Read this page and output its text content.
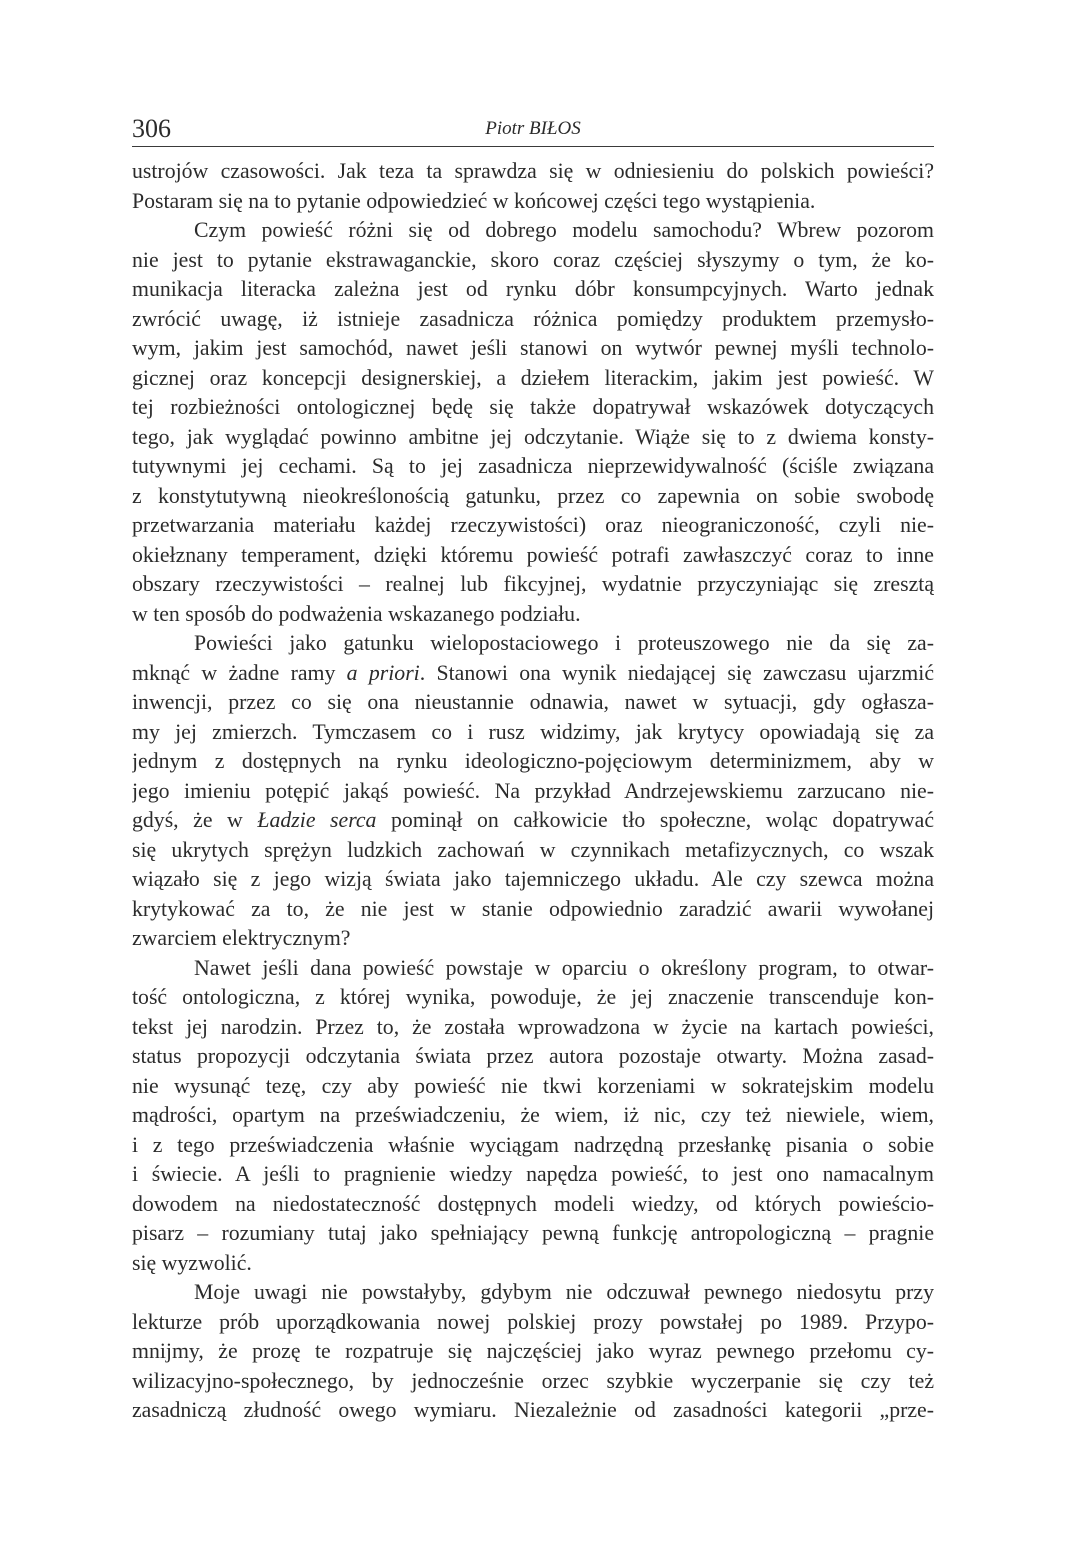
306	Piotr BIŁOS
ustrojów czasowości. Jak teza ta sprawdza się w odniesieniu do polskich powieści?
Postaram się na to pytanie odpowiedzieć w końcowej części tego wystąpienia.
Czym powieść różni się od dobrego modelu samochodu? Wbrew pozorom
nie jest to pytanie ekstrawaganckie, skoro coraz częściej słyszymy o tym, że ko-
munikacja literacka zależna jest od rynku dóbr konsumpcyjnych. Warto jednak
zwrócić uwagę, iż istnieje zasadnicza różnica pomiędzy produktem przemysło-
wym, jakim jest samochód, nawet jeśli stanowi on wytwór pewnej myśli technolo-
gicznej oraz koncepcji designerskiej, a dziełem literackim, jakim jest powieść. W
tej rozbieżności ontologicznej będę się także dopatrywał wskazówek dotyczących
tego, jak wyglądać powinno ambitne jej odczytanie. Wiąże się to z dwiema konsty-
tutywnymi jej cechami. Są to jej zasadnicza nieprzewidywalność (ściśle związana
z konstytutywną nieokreślonością gatunku, przez co zapewnia on sobie swobodę
przetwarzania materiału każdej rzeczywistości) oraz nieograniczoność, czyli nie-
okiełznany temperament, dzięki któremu powieść potrafi zawłaszczyć coraz to inne
obszary rzeczywistości – realnej lub fikcyjnej, wydatnie przyczyniając się zresztą
w ten sposób do podważenia wskazanego podziału.
Powieści jako gatunku wielopostaciowego i proteuszowego nie da się za-
mknąć w żadne ramy a priori. Stanowi ona wynik niedającej się zawczasu ujarzmić
inwencji, przez co się ona nieustannie odnawia, nawet w sytuacji, gdy ogłasza-
my jej zmierzch. Tymczasem co i rusz widzimy, jak krytycy opowiadają się za
jednym z dostępnych na rynku ideologiczno-pojęciowym determinizmem, aby w
jego imieniu potępić jakąś powieść. Na przykład Andrzejewskiemu zarzucano nie-
gdyś, że w Ładzie serca pominął on całkowicie tło społeczne, woląc dopatrywać
się ukrytych sprężyn ludzkich zachowań w czynnikach metafizycznych, co wszak
wiązało się z jego wizją świata jako tajemniczego układu. Ale czy szewca można
krytykować za to, że nie jest w stanie odpowiednio zaradzić awarii wywołanej
zwarciem elektrycznym?
Nawet jeśli dana powieść powstaje w oparciu o określony program, to otwar-
tość ontologiczna, z której wynika, powoduje, że jej znaczenie transcenduje kon-
tekst jej narodzin. Przez to, że została wprowadzona w życie na kartach powieści,
status propozycji odczytania świata przez autora pozostaje otwarty. Można zasad-
nie wysunąć tezę, czy aby powieść nie tkwi korzeniami w sokratejskim modelu
mądrości, opartym na przeświadczeniu, że wiem, iż nic, czy też niewiele, wiem,
i z tego przeświadczenia właśnie wyciągam nadrzędną przesłankę pisania o sobie
i świecie. A jeśli to pragnienie wiedzy napędza powieść, to jest ono namacalnym
dowodem na niedostateczność dostępnych modeli wiedzy, od których powieścio-
pisarz – rozumiany tutaj jako spełniający pewną funkcję antropologiczną – pragnie
się wyzwolić.
Moje uwagi nie powstałyby, gdybym nie odczuwał pewnego niedosytu przy
lekturze prób uporządkowania nowej polskiej prozy powstałej po 1989. Przypo-
mnijmy, że prozę te rozpatruje się najczęściej jako wyraz pewnego przełomu cy-
wilizacyjno-społecznego, by jednocześnie orzec szybkie wyczerpanie się czy też
zasadniczą złudność owego wymiaru. Niezależnie od zasadności kategorii „prze-
